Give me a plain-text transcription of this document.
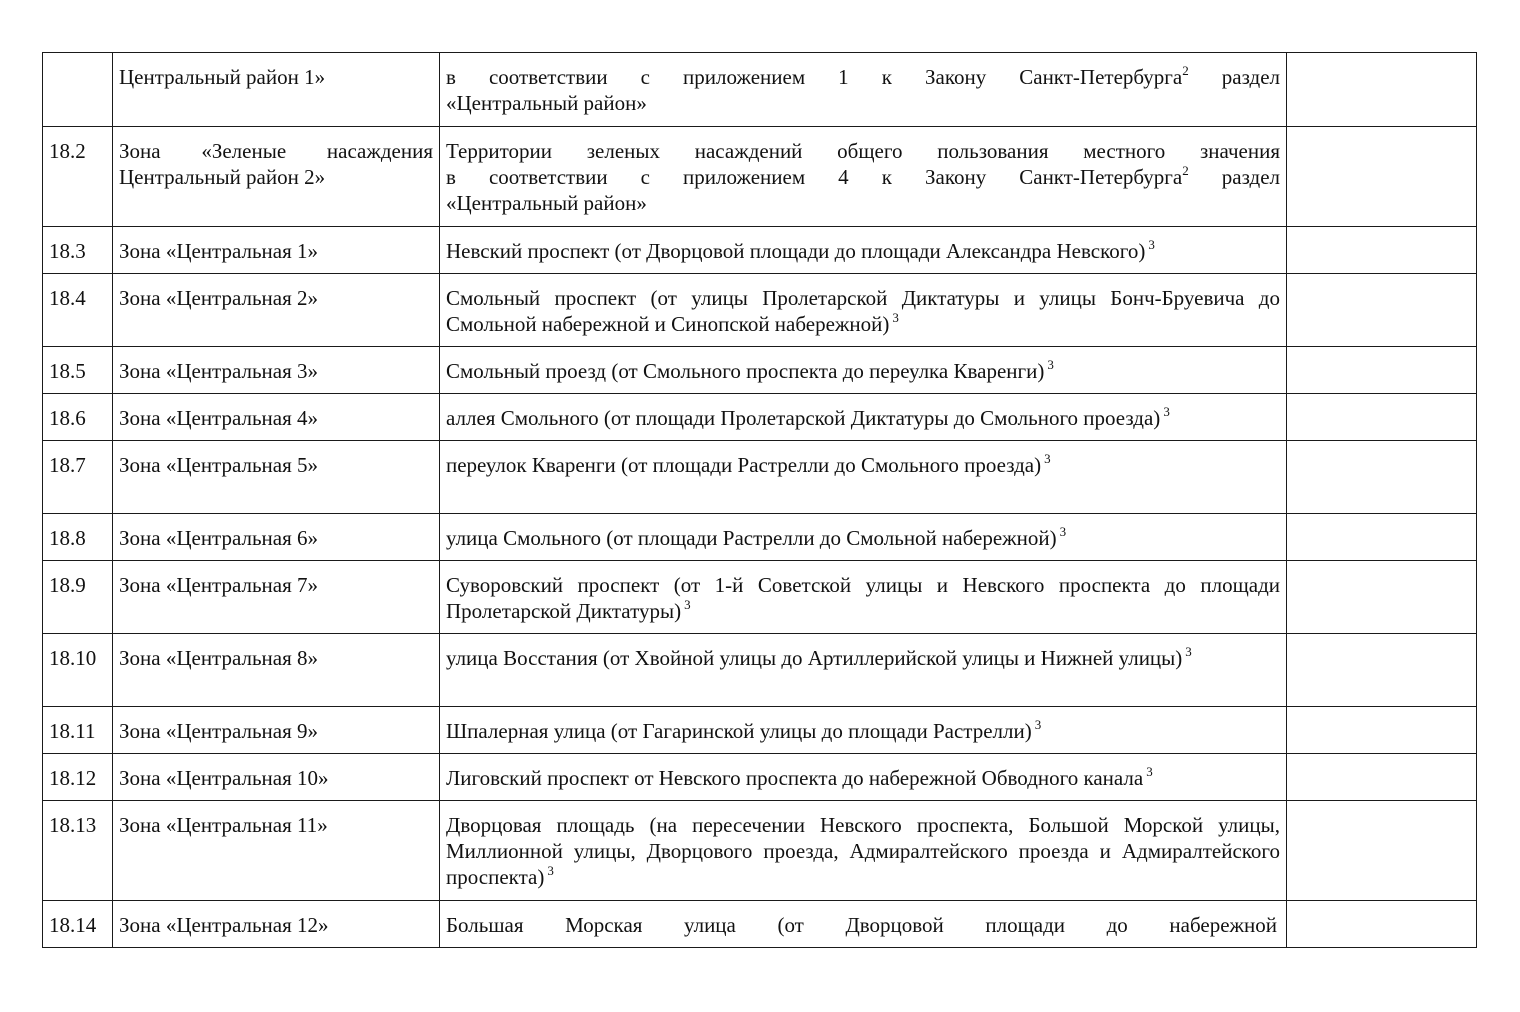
	Центральный район 1»	в соответствии с приложением 1 к Закону Санкт-Петербурга$^2$ раздел
«Центральный район»	

18.2	Зона «Зеленые насаждения Центральный район 2»	Территории зеленых насаждений общего пользования местного значения
в соответствии с приложением 4 к Закону Санкт-Петербурга$^2$ раздел
«Центральный район»	

18.3	Зона «Центральная 1»	Невский проспект (от Дворцовой площади до площади Александра Невского) $^3$	
18.4	Зона «Центральная 2»	Смольный проспект (от улицы Пролетарской Диктатуры и улицы Бонч-Бруевича до Смольной набережной и Синопской набережной) $^3$	
18.5	Зона «Центральная 3»	Смольный проезд (от Смольного проспекта до переулка Кваренги) $^3$	
18.6	Зона «Центральная 4»	аллея Смольного (от площади Пролетарской Диктатуры до Смольного проезда) $^3$	
18.7	Зона «Центральная 5»	переулок Кваренги (от площади Растрелли до Смольного проезда) $^3$	
18.8	Зона «Центральная 6»	улица Смольного (от площади Растрелли до Смольной набережной) $^3$	
18.9	Зона «Центральная 7»	Суворовский проспект (от 1-й Советской улицы и Невского проспекта до площади Пролетарской Диктатуры) $^3$	
18.10	Зона «Центральная 8»	улица Восстания (от Хвойной улицы до Артиллерийской улицы и Нижней улицы) $^3$	
18.11	Зона «Центральная 9»	Шпалерная улица (от Гагаринской улицы до площади Растрелли) $^3$	
18.12	Зона «Центральная 10»	Лиговский проспект от Невского проспекта до набережной Обводного канала $^3$	
18.13	Зона «Центральная 11»	Дворцовая площадь (на пересечении Невского проспекта, Большой Морской улицы, Миллионной улицы, Дворцового проезда, Адмиралтейского проезда и Адмиралтейского проспекта) $^3$	
18.14	Зона «Центральная 12»	Большая Морская улица (от Дворцовой площади до набережной	
